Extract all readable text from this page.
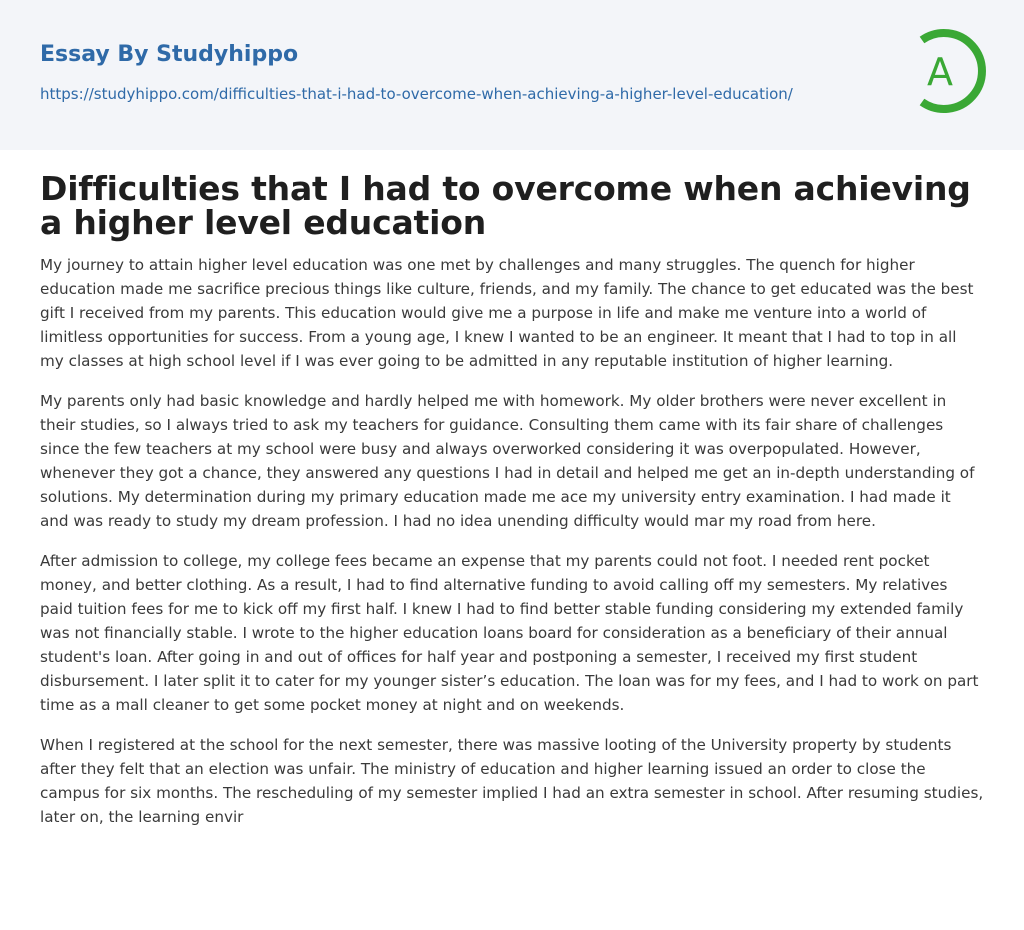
Essay By Studyhippo
https://studyhippo.com/difficulties-that-i-had-to-overcome-when-achieving-a-higher-level-education/	A
Difficulties that I had to overcome when achieving a higher level education

My journey to attain higher level education was one met by challenges and many struggles. The quench for higher education made me sacrifice precious things like culture, friends, and my family. The chance to get educated was the best gift I received from my parents. This education would give me a purpose in life and make me venture into a world of limitless opportunities for success. From a young age, I knew I wanted to be an engineer. It meant that I had to top in all my classes at high school level if I was ever going to be admitted in any reputable institution of higher learning.

My parents only had basic knowledge and hardly helped me with homework. My older brothers were never excellent in their studies, so I always tried to ask my teachers for guidance. Consulting them came with its fair share of challenges since the few teachers at my school were busy and always overworked considering it was overpopulated. However, whenever they got a chance, they answered any questions I had in detail and helped me get an in-depth understanding of solutions. My determination during my primary education made me ace my university entry examination. I had made it and was ready to study my dream profession. I had no idea unending difficulty would mar my road from here.

After admission to college, my college fees became an expense that my parents could not foot. I needed rent pocket money, and better clothing. As a result, I had to find alternative funding to avoid calling off my semesters. My relatives paid tuition fees for me to kick off my first half. I knew I had to find better stable funding considering my extended family was not financially stable. I wrote to the higher education loans board for consideration as a beneficiary of their annual student's loan. After going in and out of offices for half year and postponing a semester, I received my first student disbursement. I later split it to cater for my younger sister’s education. The loan was for my fees, and I had to work on part time as a mall cleaner to get some pocket money at night and on weekends.

When I registered at the school for the next semester, there was massive looting of the University property by students after they felt that an election was unfair. The ministry of education and higher learning issued an order to close the campus for six months. The rescheduling of my semester implied I had an extra semester in school. After resuming studies, later on, the learning envir
